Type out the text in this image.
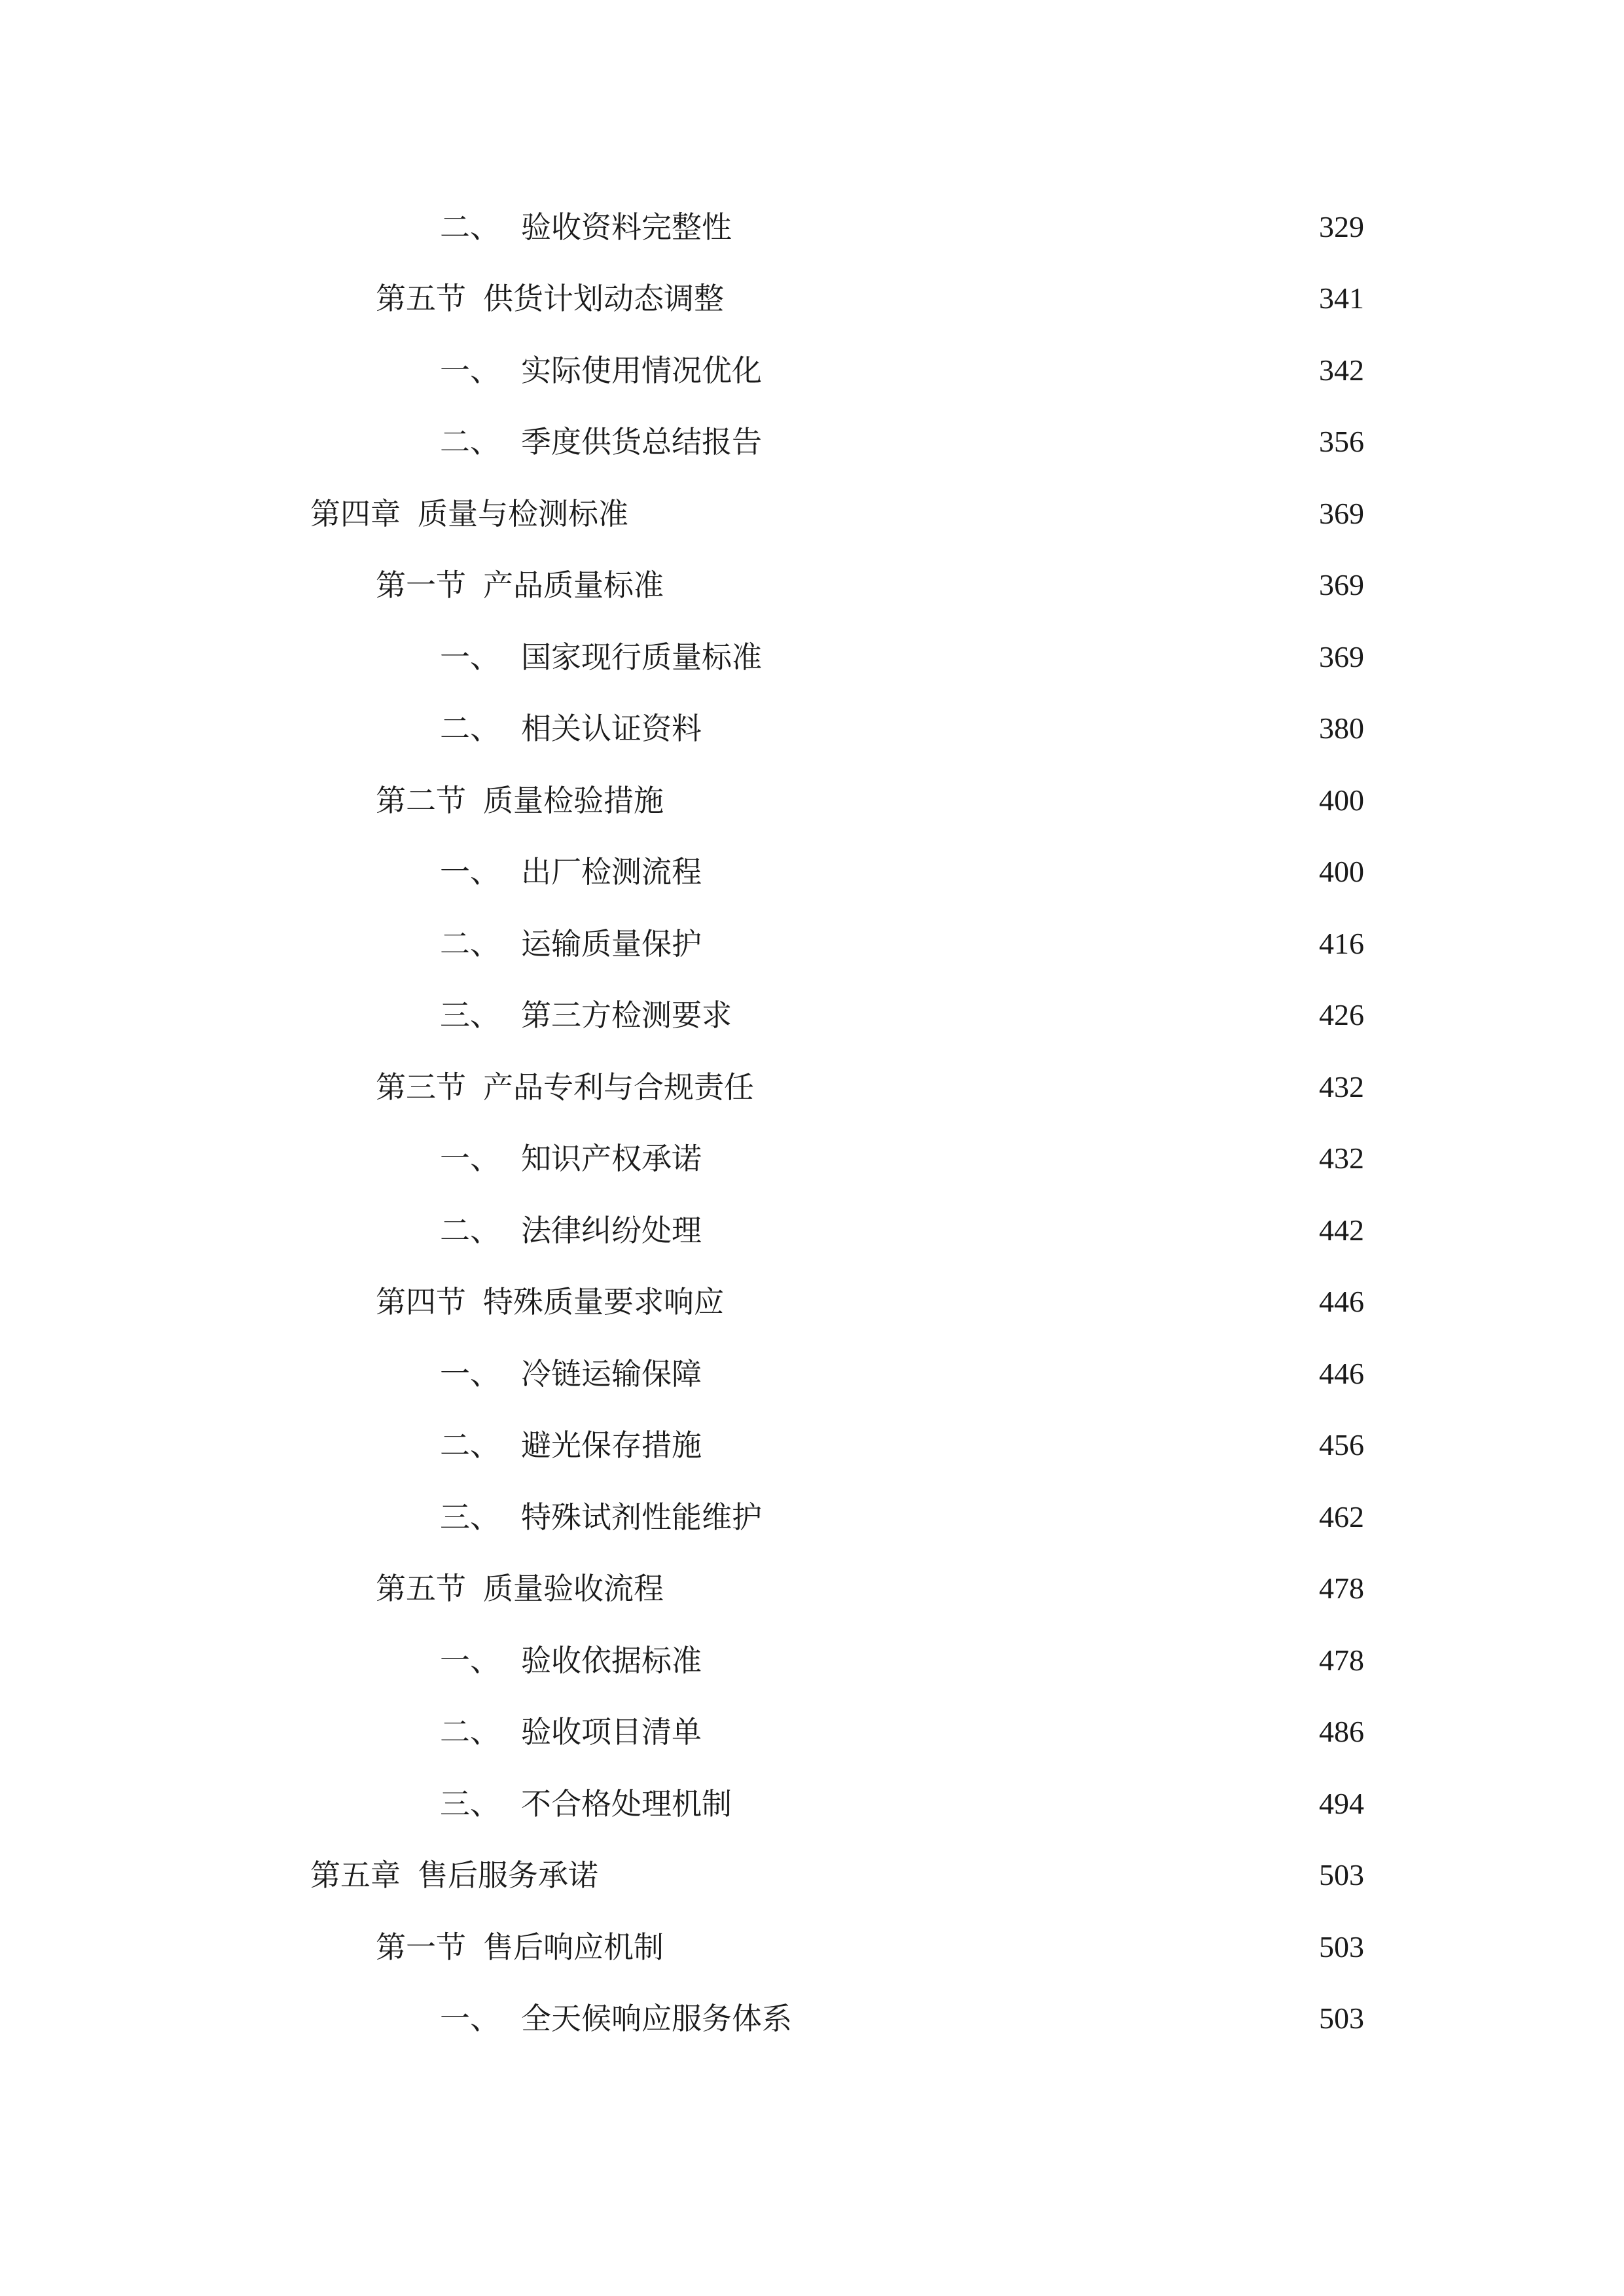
二、 验收资料完整性	329
第五节 供货计划动态调整	341
一、 实际使用情况优化	342
二、 季度供货总结报告	356
第四章 质量与检测标准	369
第一节 产品质量标准	369
一、 国家现行质量标准	369
二、 相关认证资料	380
第二节 质量检验措施	400
一、 出厂检测流程	400
二、 运输质量保护	416
三、 第三方检测要求	426
第三节 产品专利与合规责任	432
一、 知识产权承诺	432
二、 法律纠纷处理	442
第四节 特殊质量要求响应	446
一、 冷链运输保障	446
二、 避光保存措施	456
三、 特殊试剂性能维护	462
第五节 质量验收流程	478
一、 验收依据标准	478
二、 验收项目清单	486
三、 不合格处理机制	494
第五章 售后服务承诺	503
第一节 售后响应机制	503
一、 全天候响应服务体系	503
